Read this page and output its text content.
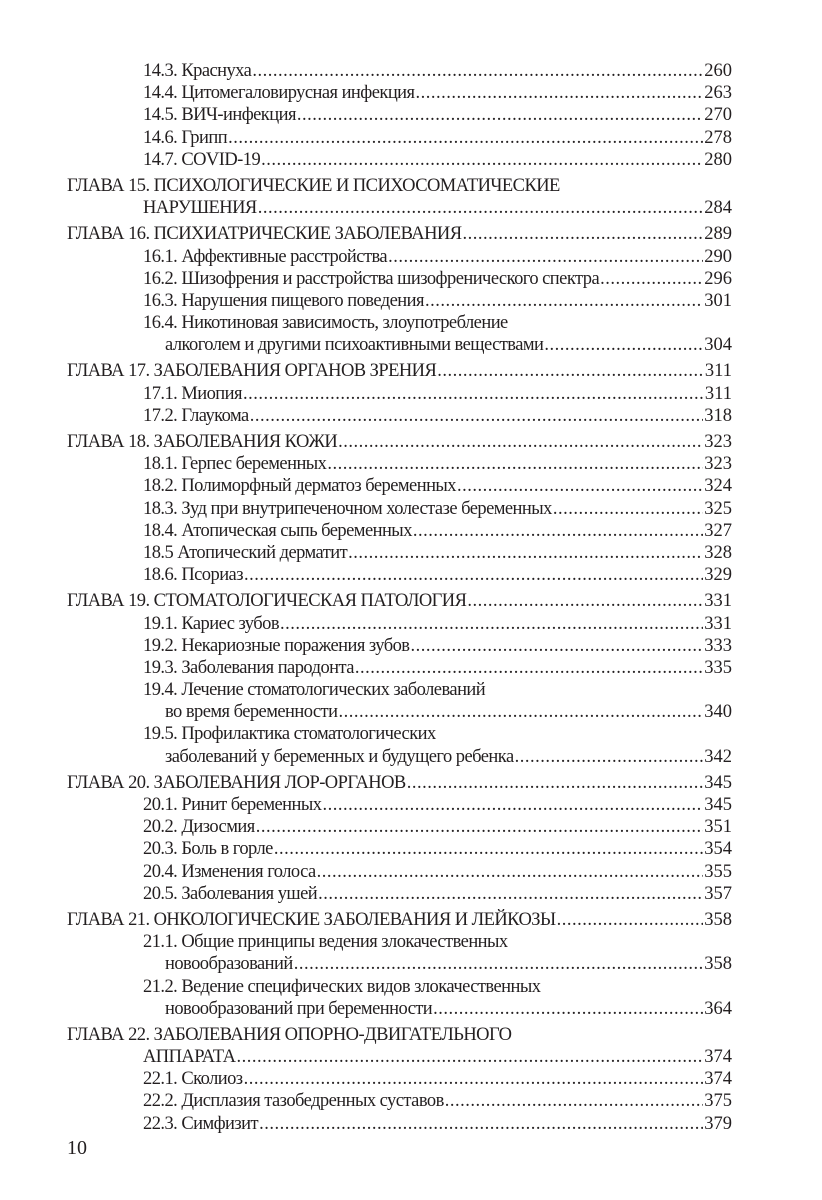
14.3. Краснуха .....	260
14.4. Цитомегаловирусная инфекция .....	263
14.5. ВИЧ-инфекция .....	270
14.6. Грипп .....	278
14.7. COVID-19 .....	280
ГЛАВА 15. ПСИХОЛОГИЧЕСКИЕ И ПСИХОСОМАТИЧЕСКИЕ
НАРУШЕНИЯ .....	284
ГЛАВА 16. ПСИХИАТРИЧЕСКИЕ ЗАБОЛЕВАНИЯ .....	289
16.1. Аффективные расстройства .....	290
16.2. Шизофрения и расстройства шизофренического спектра .....	296
16.3. Нарушения пищевого поведения .....	301
16.4. Никотиновая зависимость, злоупотребление
алкоголем и другими психоактивными веществами .....	304
ГЛАВА 17. ЗАБОЛЕВАНИЯ ОРГАНОВ ЗРЕНИЯ .....	311
17.1. Миопия .....	311
17.2. Глаукома .....	318
ГЛАВА 18. ЗАБОЛЕВАНИЯ КОЖИ .....	323
18.1. Герпес беременных .....	323
18.2. Полиморфный дерматоз беременных .....	324
18.3. Зуд при внутрипеченочном холестазе беременных .....	325
18.4. Атопическая сыпь беременных .....	327
18.5 Атопический дерматит .....	328
18.6. Псориаз .....	329
ГЛАВА 19. СТОМАТОЛОГИЧЕСКАЯ ПАТОЛОГИЯ .....	331
19.1. Кариес зубов .....	331
19.2. Некариозные поражения зубов .....	333
19.3. Заболевания пародонта .....	335
19.4. Лечение стоматологических заболеваний
во время беременности .....	340
19.5. Профилактика стоматологических
заболеваний у беременных и будущего ребенка .....	342
ГЛАВА 20. ЗАБОЛЕВАНИЯ ЛОР-ОРГАНОВ .....	345
20.1. Ринит беременных .....	345
20.2. Дизосмия .....	351
20.3. Боль в горле .....	354
20.4. Изменения голоса .....	355
20.5. Заболевания ушей .....	357
ГЛАВА 21. ОНКОЛОГИЧЕСКИЕ ЗАБОЛЕВАНИЯ И ЛЕЙКОЗЫ .....	358
21.1. Общие принципы ведения злокачественных
новообразований .....	358
21.2. Ведение специфических видов злокачественных
новообразований при беременности .....	364
ГЛАВА 22. ЗАБОЛЕВАНИЯ ОПОРНО-ДВИГАТЕЛЬНОГО
АППАРАТА .....	374
22.1. Сколиоз .....	374
22.2. Дисплазия тазобедренных суставов .....	375
22.3. Симфизит .....	379
10
